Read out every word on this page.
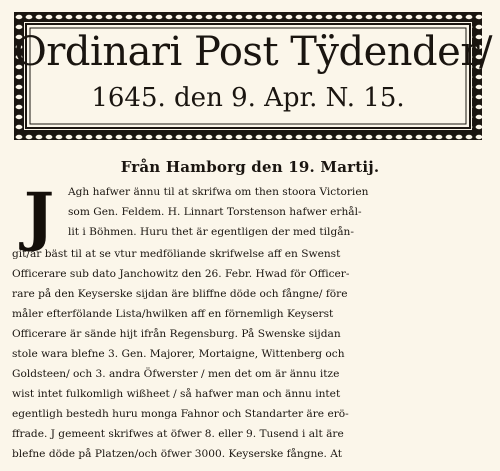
Ordinari Post Tÿdender/
1645. den 9. Apr. N. 15.
Från Hamborg den 19. Martij.
J	Agh hafwer ännu til at skrifwa om then stoora Victorien
som Gen. Feldem. H. Linnart Torstenson hafwer erhål-
lit i Böhmen. Huru thet är egentligen der med tilgån-
git/är bäst til at se vtur medföliande skrifwelse aff en Swenst
Officerare sub dato Janchowitz den 26. Febr. Hwad för Officer-
rare på den Keyserske sijdan äre bliffne döde och fångne/ före
måler efterfölande Lista/hwilken aff en förnemligh Keyserst
Officerare är sände hijt ifrån Regensburg. På Swenske sijdan
stole wara blefne 3. Gen. Majorer, Mortaigne, Wittenberg och
Goldsteen/ och 3. andra Öfwerster / men det om är ännu itze
wist intet fulkomligh wißheet / så hafwer man och ännu intet
egentligh bestedh huru monga Fahnor och Standarter äre erö-
ffrade. J gemeent skrifwes at öfwer 8. eller 9. Tusend i alt äre
blefne döde på Platzen/och öfwer 3000. Keyserske fångne. At
